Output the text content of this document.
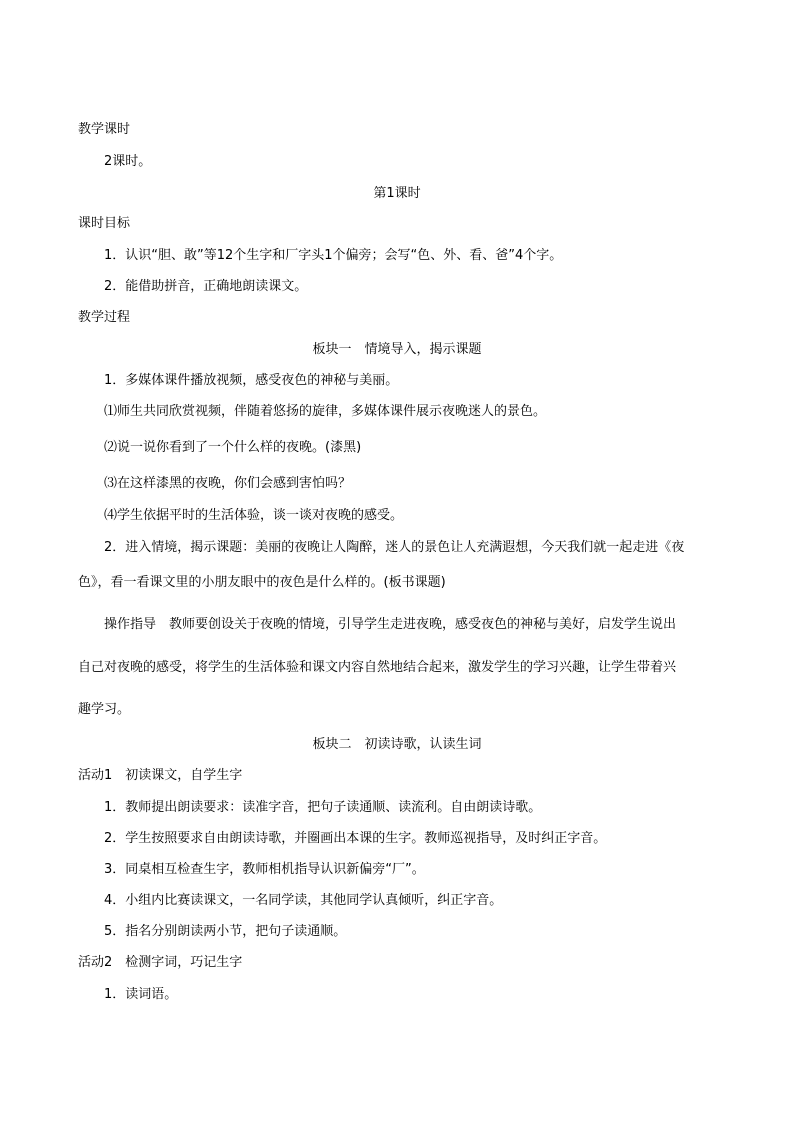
教学课时
2课时。
第1课时
课时目标
1．认识“胆、敢”等12个生字和厂字头1个偏旁；会写“色、外、看、爸”4个字。
2．能借助拼音，正确地朗读课文。
教学过程
板块一　情境导入，揭示课题
1．多媒体课件播放视频，感受夜色的神秘与美丽。
⑴师生共同欣赏视频，伴随着悠扬的旋律，多媒体课件展示夜晚迷人的景色。
⑵说一说你看到了一个什么样的夜晚。(漆黑)
⑶在这样漆黑的夜晚，你们会感到害怕吗？
⑷学生依据平时的生活体验，谈一谈对夜晚的感受。
2．进入情境，揭示课题：美丽的夜晚让人陶醉，迷人的景色让人充满遐想，今天我们就一起走进《夜
色》，看一看课文里的小朋友眼中的夜色是什么样的。(板书课题)
操作指导　教师要创设关于夜晚的情境，引导学生走进夜晚，感受夜色的神秘与美好，启发学生说出
自己对夜晚的感受，将学生的生活体验和课文内容自然地结合起来，激发学生的学习兴趣，让学生带着兴
趣学习。
板块二　初读诗歌，认读生词
活动1　初读课文，自学生字
1．教师提出朗读要求：读准字音，把句子读通顺、读流利。自由朗读诗歌。
2．学生按照要求自由朗读诗歌，并圈画出本课的生字。教师巡视指导，及时纠正字音。
3．同桌相互检查生字，教师相机指导认识新偏旁“厂”。
4．小组内比赛读课文，一名同学读，其他同学认真倾听，纠正字音。
5．指名分别朗读两小节，把句子读通顺。
活动2　检测字词，巧记生字
1．读词语。
